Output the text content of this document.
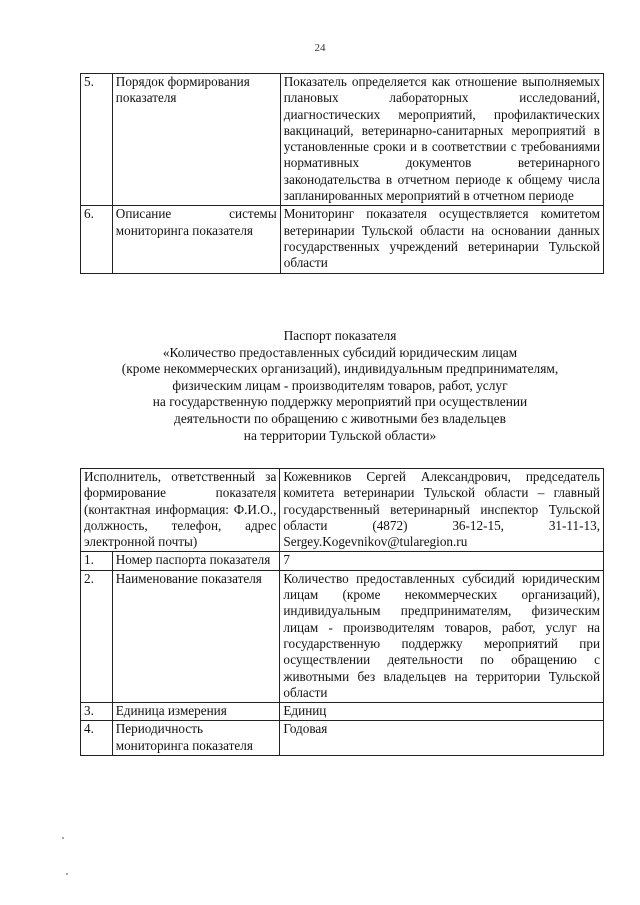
24
5.	Порядок формирования показателя	Показатель определяется как отношение выполняемых плановых лабораторных исследований, диагностических мероприятий, профилактических вакцинаций, ветеринарно-санитарных мероприятий в установленные сроки и в соответствии с требованиями нормативных документов ветеринарного законодательства в отчетном периоде к общему числа запланированных мероприятий в отчетном периоде
6.	Описание системы мониторинга показателя	Мониторинг показателя осуществляется комитетом ветеринарии Тульской области на основании данных государственных учреждений ветеринарии Тульской области
Паспорт показателя
«Количество предоставленных субсидий юридическим лицам
(кроме некоммерческих организаций), индивидуальным предпринимателям,
физическим лицам - производителям товаров, работ, услуг
на государственную поддержку мероприятий при осуществлении
деятельности по обращению с животными без владельцев
на территории Тульской области»
Исполнитель, ответственный за формирование показателя (контактная информация: Ф.И.О., должность, телефон, адрес электронной почты)		Кожевников Сергей Александрович, председатель комитета ветеринарии Тульской области – главный государственный ветеринарный инспектор Тульской области (4872) 36-12-15, 31-11-13, Sergey.Kogevnikov@tularegion.ru
1.	Номер паспорта показателя	7
2.	Наименование показателя	Количество предоставленных субсидий юридическим лицам (кроме некоммерческих организаций), индивидуальным предпринимателям, физическим лицам - производителям товаров, работ, услуг на государственную поддержку мероприятий при осуществлении деятельности по обращению с животными без владельцев на территории Тульской области
3.	Единица измерения	Единиц
4.	Периодичность мониторинга показателя	Годовая
